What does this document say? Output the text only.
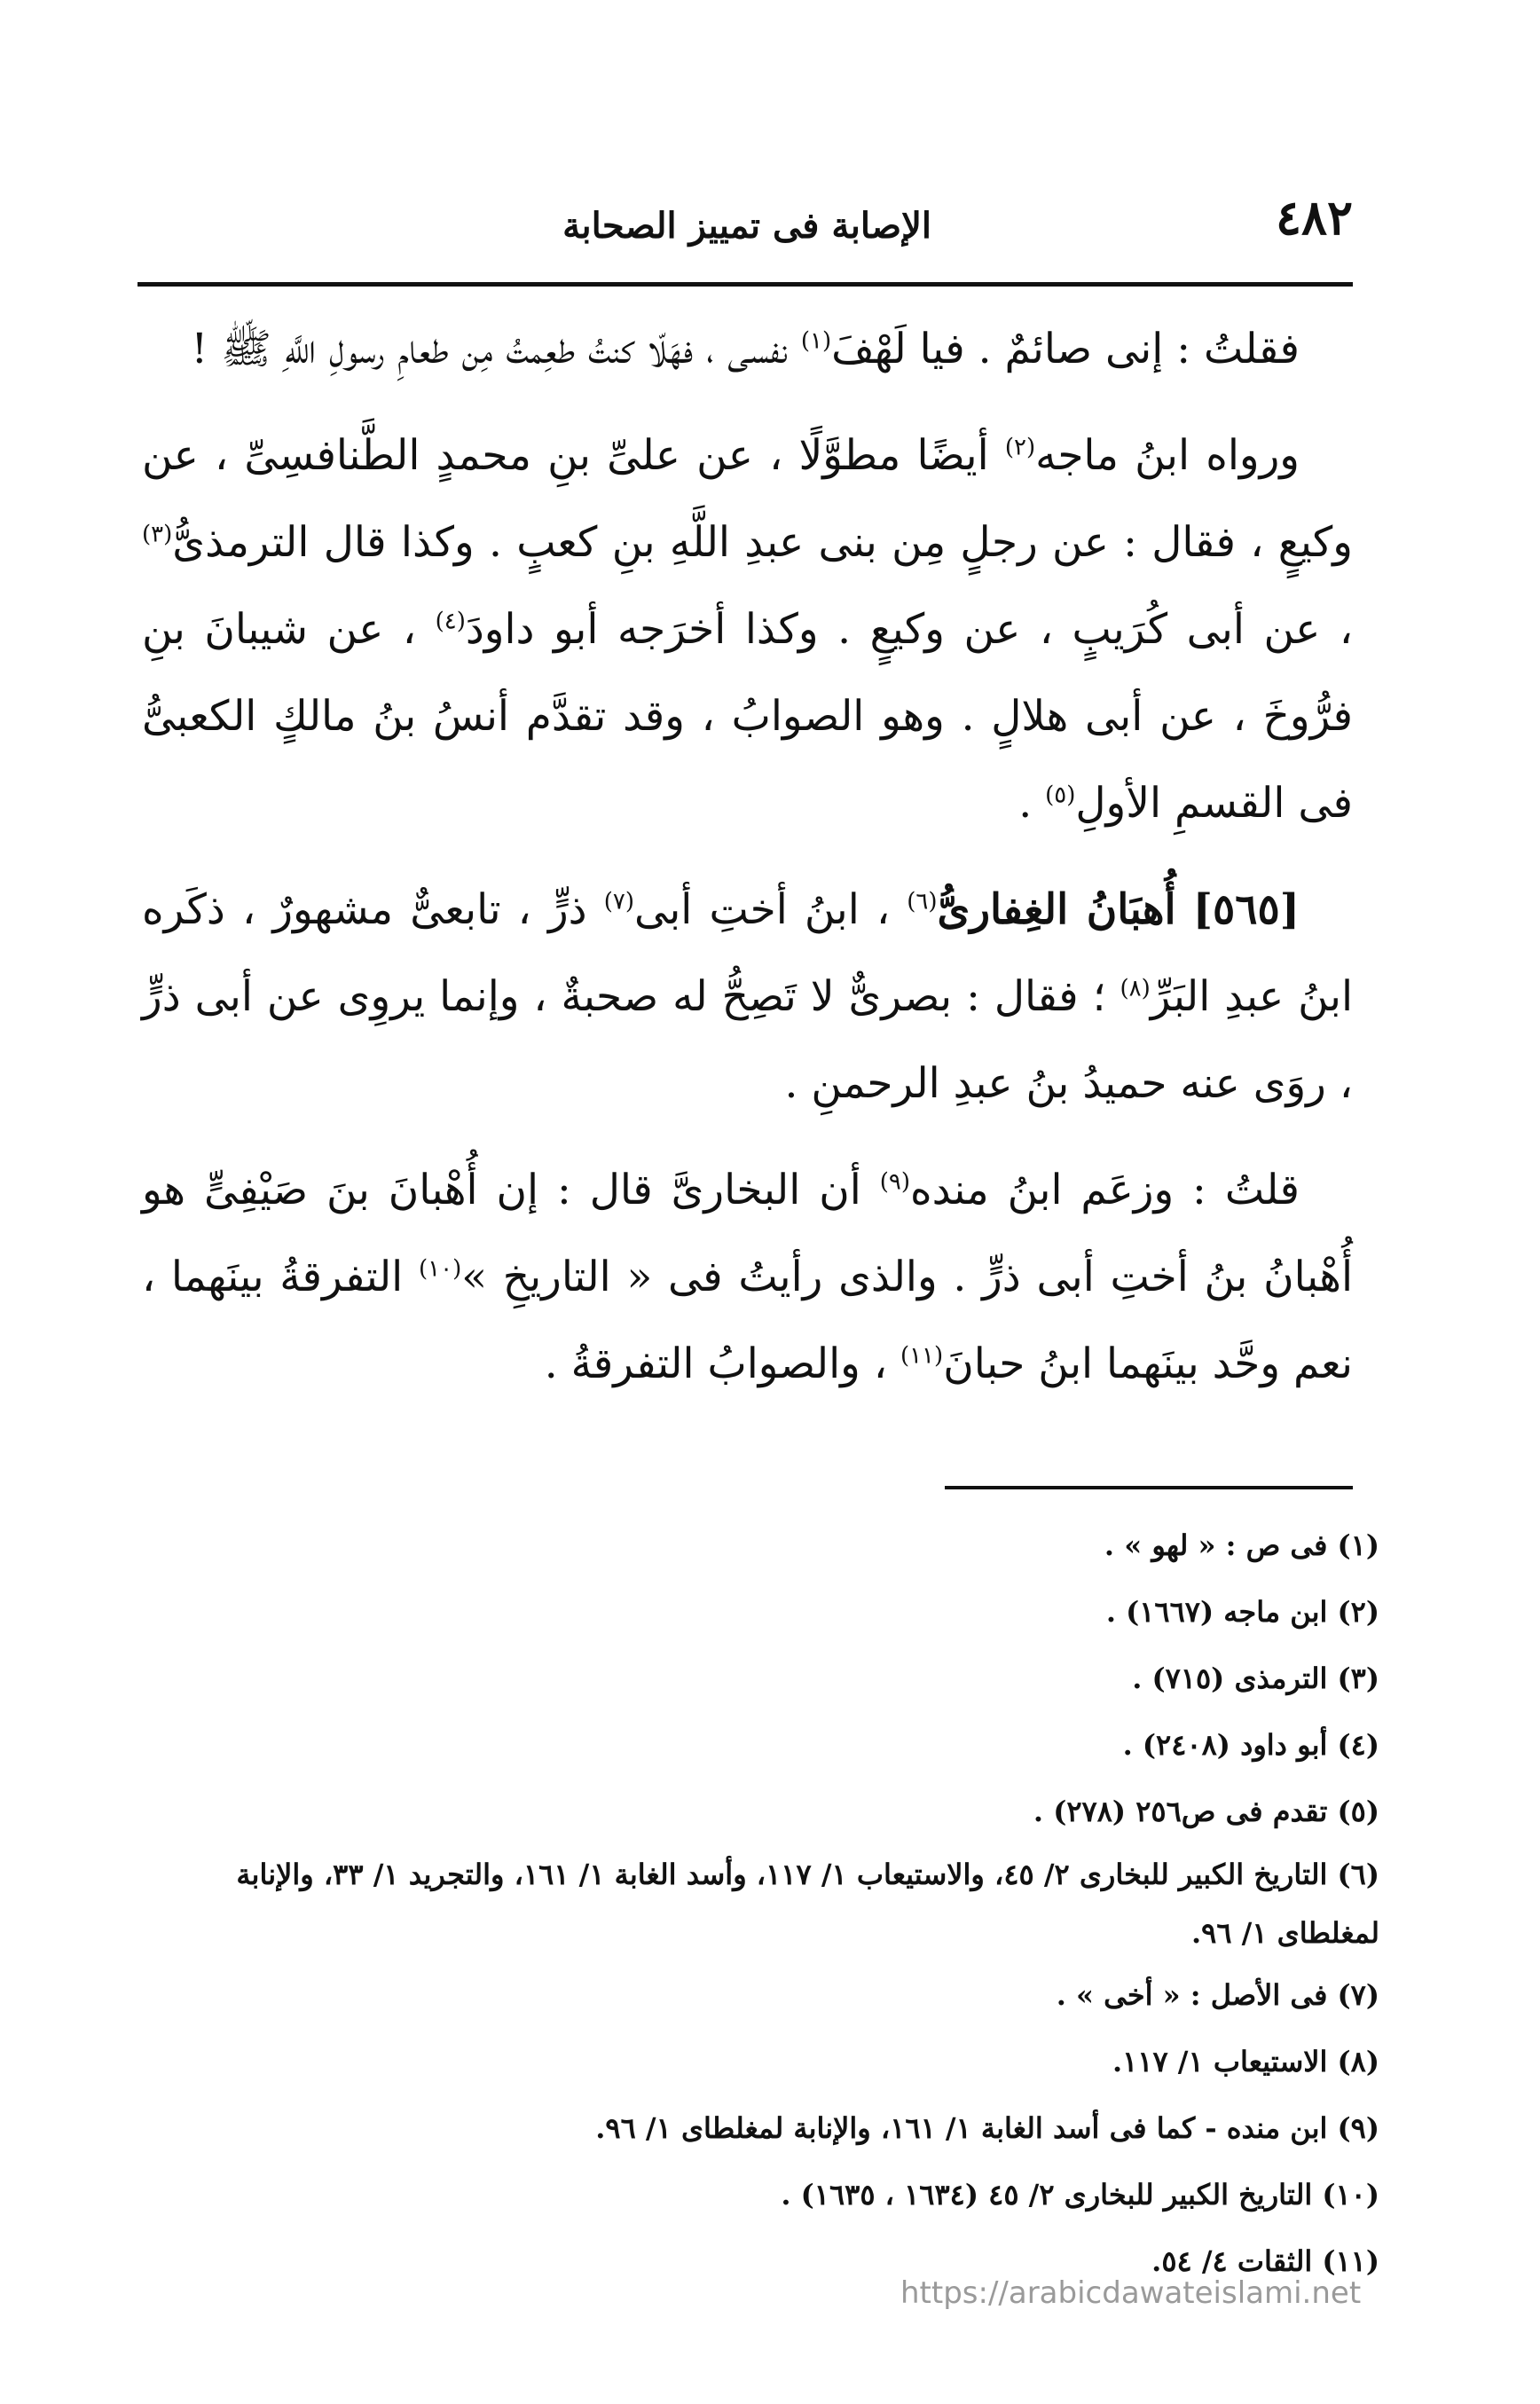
٤٨٢
الإصابة فى تمييز الصحابة

فقلتُ : إنى صائمٌ . فيا لَهْفَ$^{(١)}$ نفسى ، فهَلّا كنتُ طعِمتُ مِن طعامِ رسولِ اللَّهِ ﷺ !

ورواه ابنُ ماجه$^{(٢)}$ أيضًا مطوَّلًا ، عن علىِّ بنِ محمدٍ الطَّنافسِىِّ ، عن وكيعٍ ، فقال : عن رجلٍ مِن بنى عبدِ اللَّهِ بنِ كعبٍ . وكذا قال الترمذىُّ$^{(٣)}$ ، عن أبى كُرَيبٍ ، عن وكيعٍ . وكذا أخرَجه أبو داودَ$^{(٤)}$ ، عن شيبانَ بنِ فرُّوخَ ، عن أبى هلالٍ . وهو الصوابُ ، وقد تقدَّم أنسُ بنُ مالكٍ الكعبىُّ فى القسمِ الأولِ$^{(٥)}$ .

[٥٦٥] أُهبَانُ الغِفارىُّ$^{(٦)}$ ، ابنُ أختِ أبى$^{(٧)}$ ذرٍّ ، تابعىٌّ مشهورٌ ، ذكَره ابنُ عبدِ البَرِّ$^{(٨)}$ ؛ فقال : بصرىٌّ لا تَصِحُّ له صحبةٌ ، وإنما يروِى عن أبى ذرٍّ ، روَى عنه حميدُ بنُ عبدِ الرحمنِ .

قلتُ : وزعَم ابنُ منده$^{(٩)}$ أن البخارىَّ قال : إن أُهْبانَ بنَ صَيْفِىٍّ هو أُهْبانُ بنُ أختِ أبى ذرٍّ . والذى رأيتُ فى « التاريخِ »$^{(١٠)}$ التفرقةُ بينَهما ، نعم وحَّد بينَهما ابنُ حبانَ$^{(١١)}$ ، والصوابُ التفرقةُ .

(١) فى ص : « لهو » .

(٢) ابن ماجه (١٦٦٧) .

(٣) الترمذى (٧١٥) .

(٤) أبو داود (٢٤٠٨) .

(٥) تقدم فى ص٢٥٦ (٢٧٨) .

(٦) التاريخ الكبير للبخارى ٢/ ٤٥، والاستيعاب ١/ ١١٧، وأسد الغابة ١/ ١٦١، والتجريد ١/ ٣٣، والإنابة لمغلطاى ١/ ٩٦.

(٧) فى الأصل : « أخى » .

(٨) الاستيعاب ١/ ١١٧.

(٩) ابن منده - كما فى أسد الغابة ١/ ١٦١، والإنابة لمغلطاى ١/ ٩٦.

(١٠) التاريخ الكبير للبخارى ٢/ ٤٥ (١٦٣٤ ، ١٦٣٥) .

(١١) الثقات ٤/ ٥٤.

https://arabicdawateislami.net
